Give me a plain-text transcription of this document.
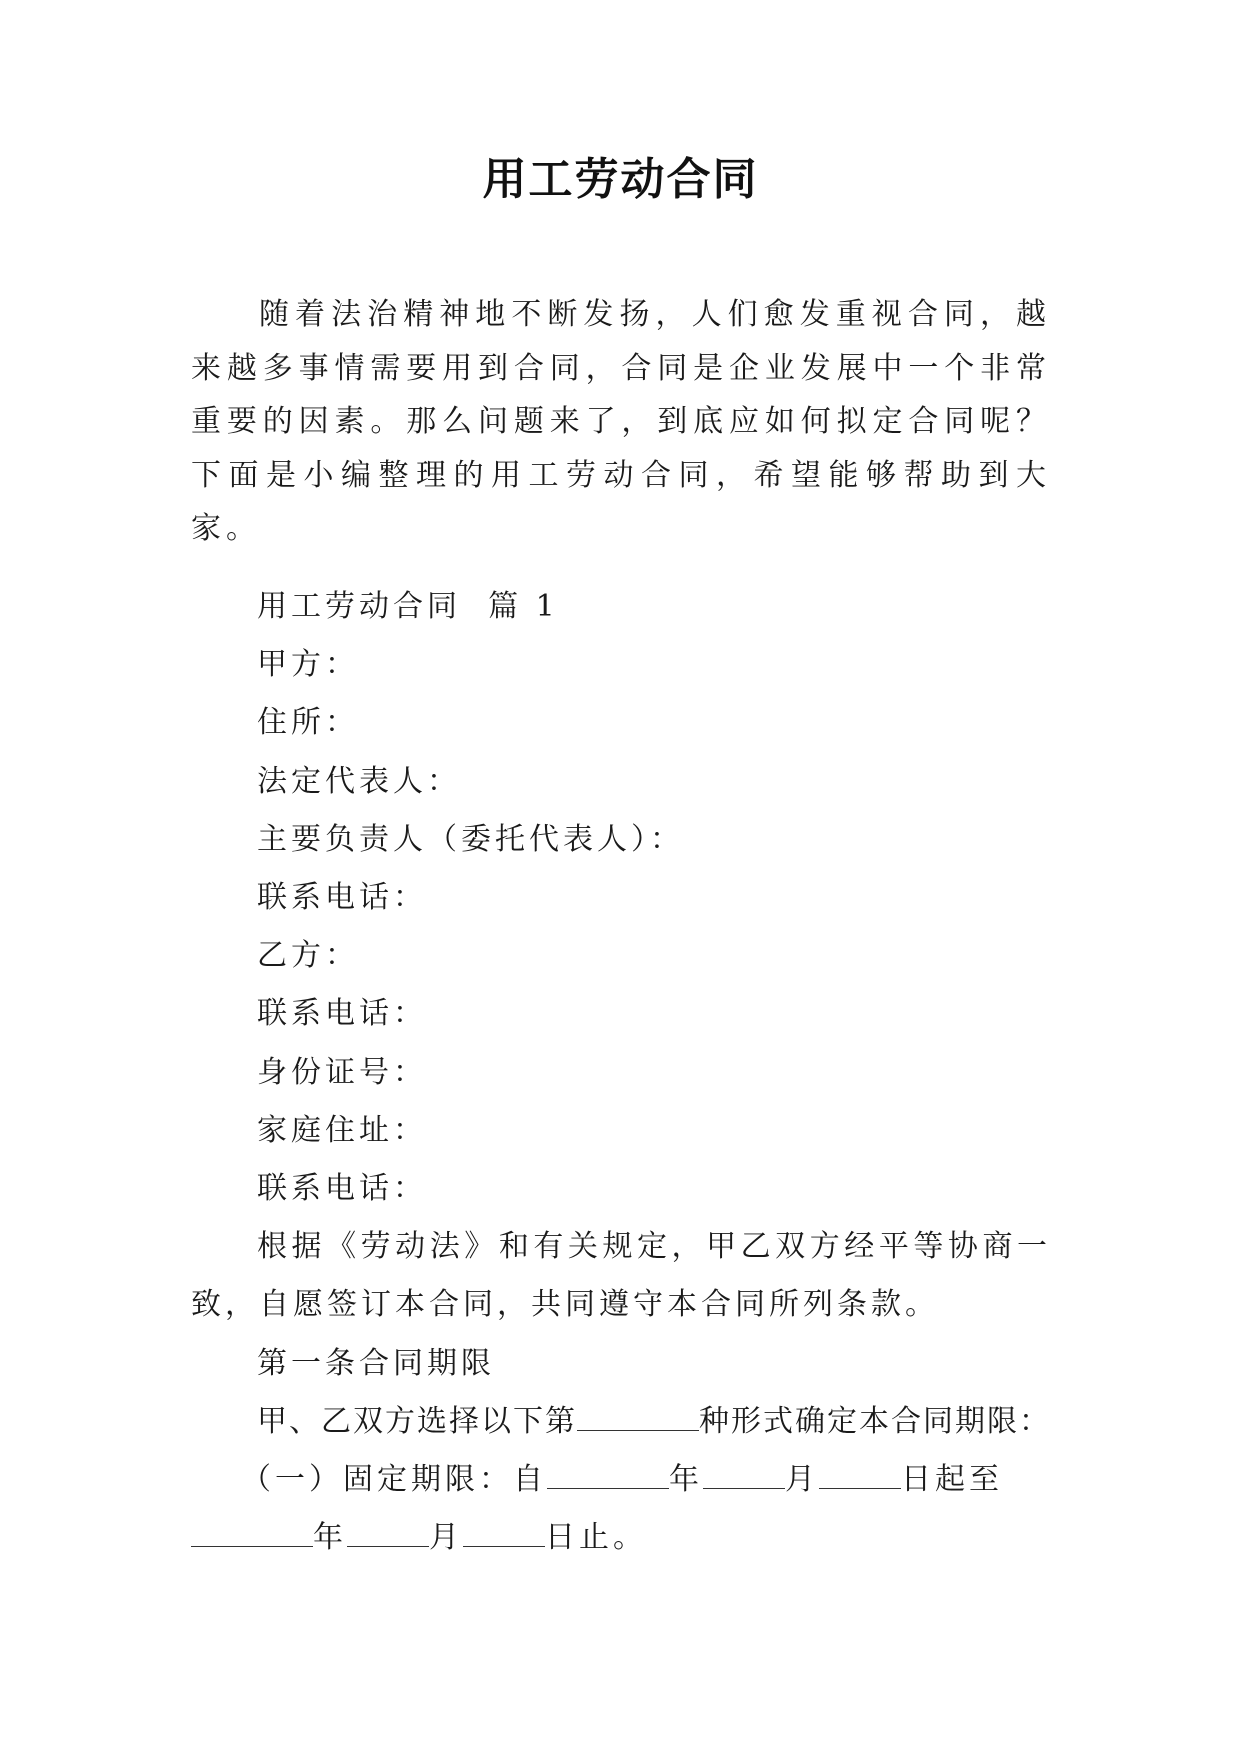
用工劳动合同

随着法治精神地不断发扬，人们愈发重视合同，越来越多事情需要用到合同，合同是企业发展中一个非常重要的因素。那么问题来了，到底应如何拟定合同呢？下面是小编整理的用工劳动合同，希望能够帮助到大家。

用工劳动合同  篇 1
甲方：
住所：
法定代表人：
主要负责人（委托代表人）：
联系电话：
乙方：
联系电话：
身份证号：
家庭住址：
联系电话：
根据《劳动法》和有关规定，甲乙双方经平等协商一致，自愿签订本合同，共同遵守本合同所列条款。
第一条合同期限
甲、乙双方选择以下第	种形式确定本合同期限：
（一）固定期限：自	年	月	日起至
年	月	日止。
